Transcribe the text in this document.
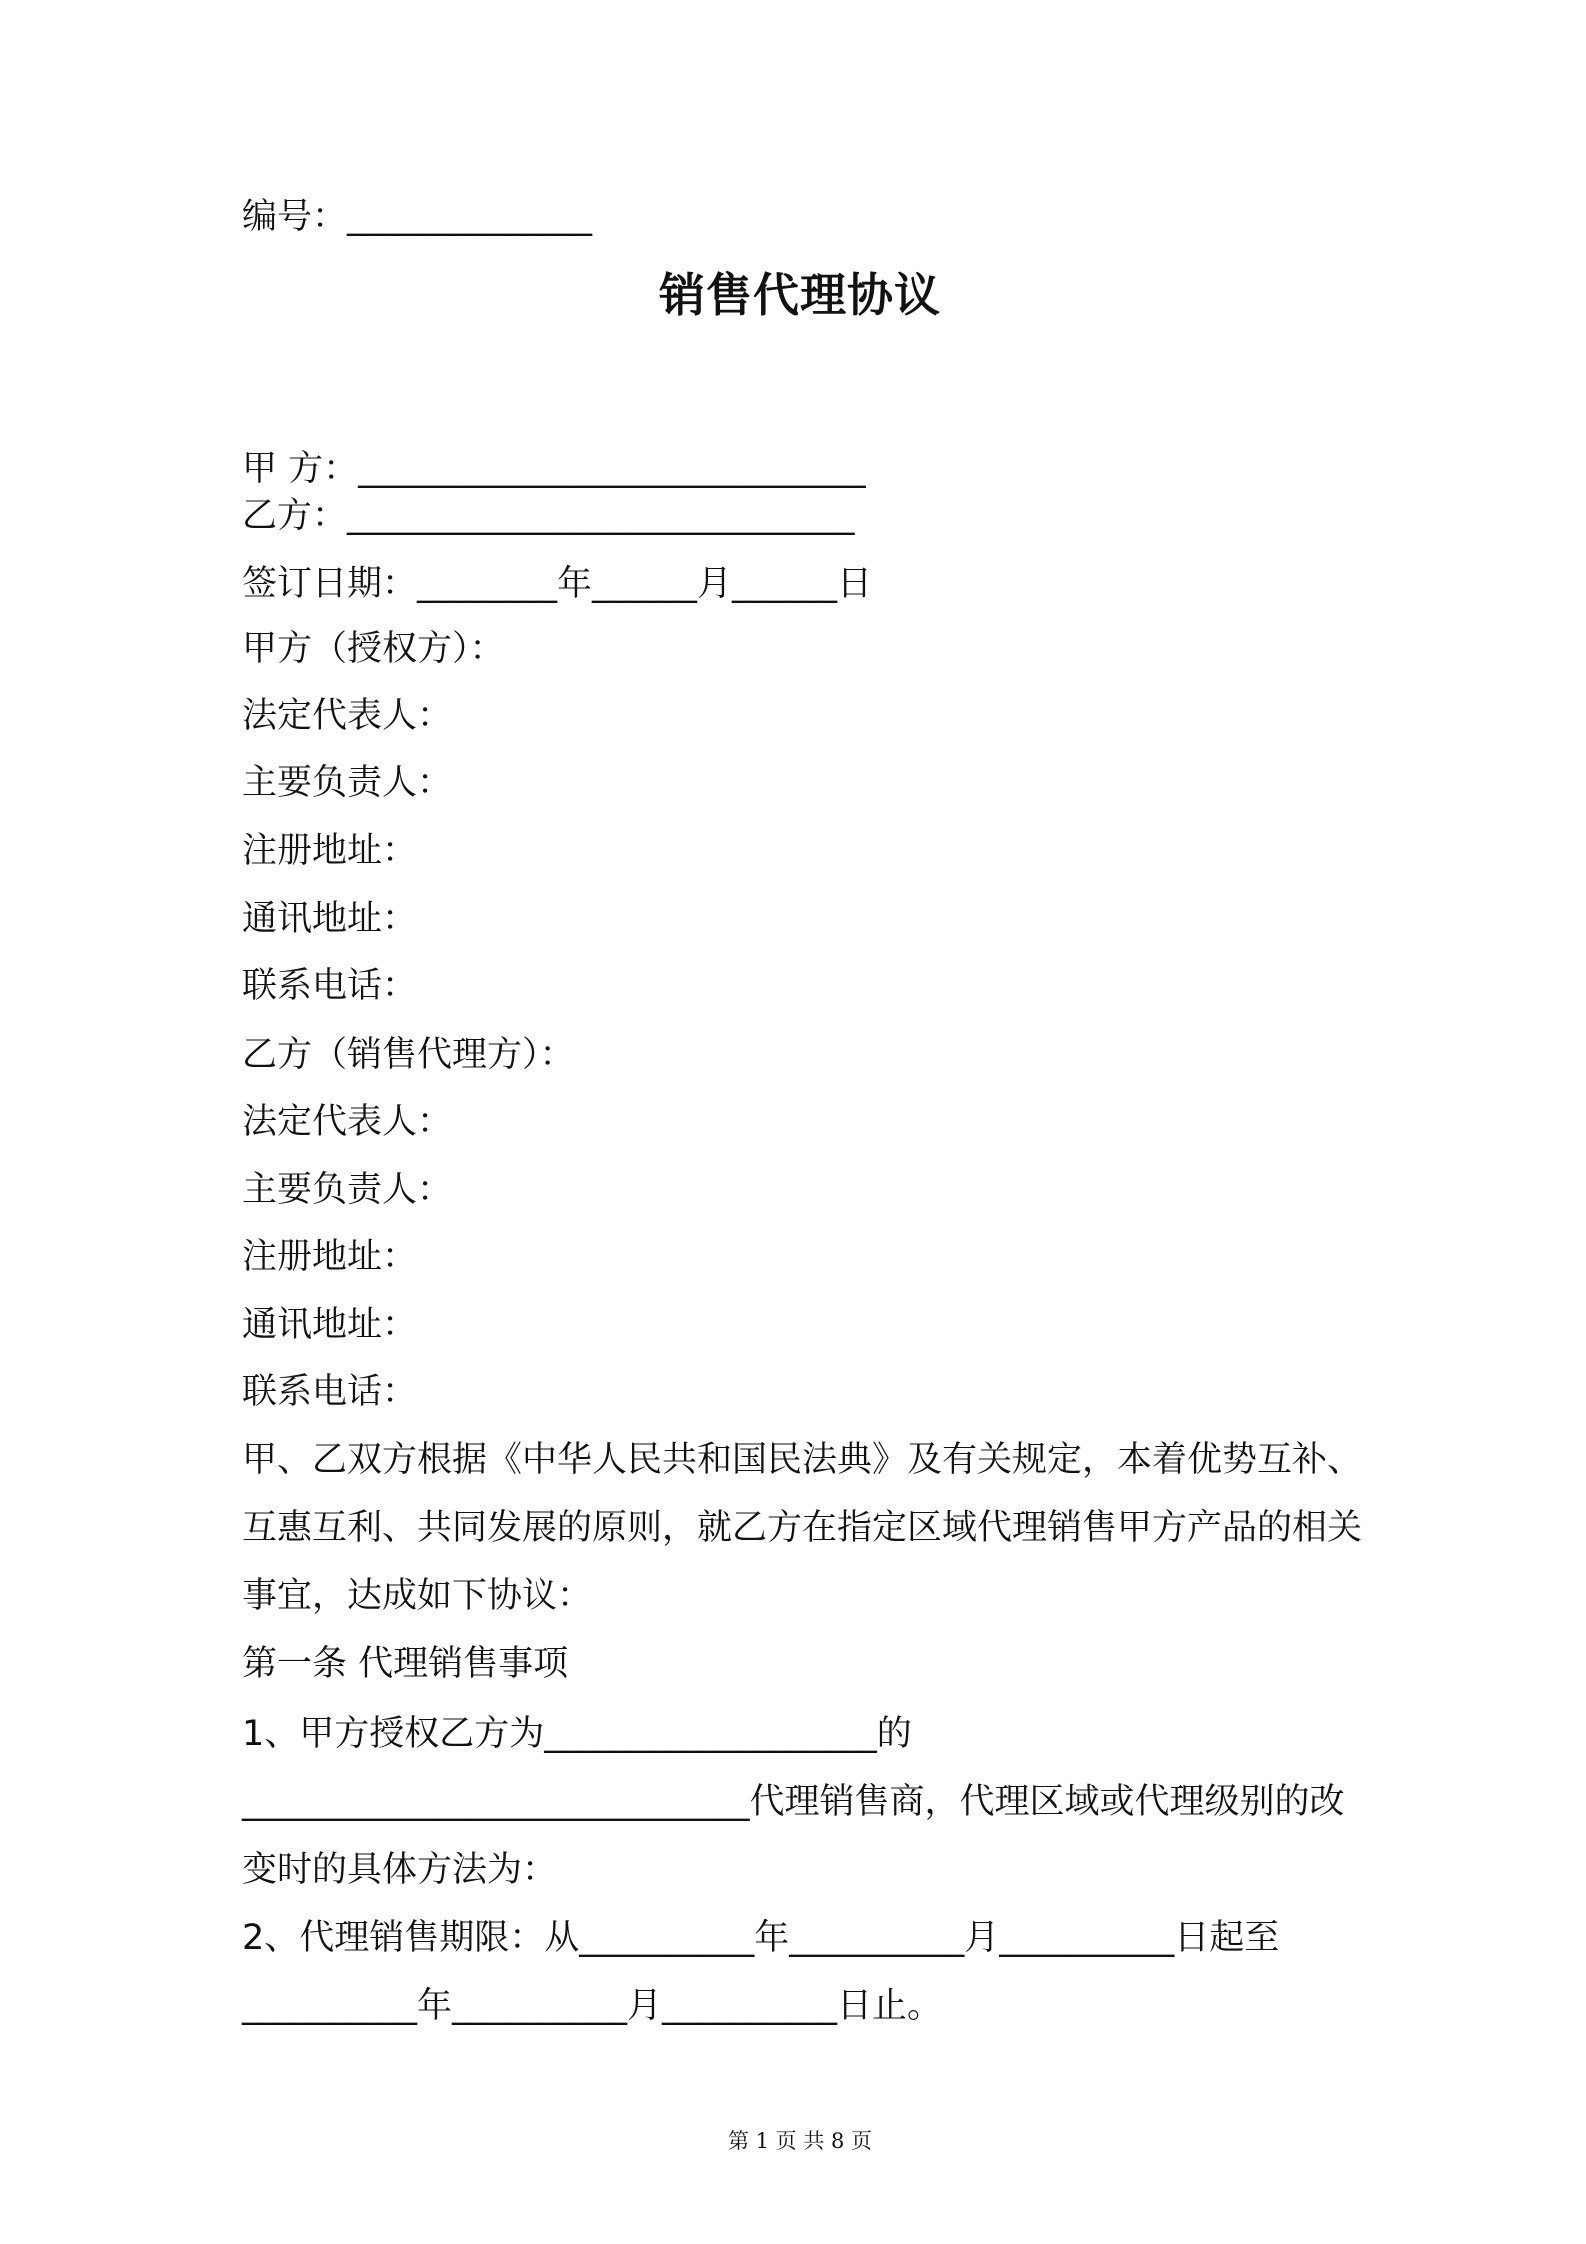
编号：______________
销售代理协议
甲 方：_____________________________
乙方：_____________________________
签订日期：________年______月______日
甲方（授权方）：
法定代表人：
主要负责人：
注册地址：
通讯地址：
联系电话：
乙方（销售代理方）：
法定代表人：
主要负责人：
注册地址：
通讯地址：
联系电话：
甲、乙双方根据《中华人民共和国民法典》及有关规定，本着优势互补、互惠互利、共同发展的原则，就乙方在指定区域代理销售甲方产品的相关事宜，达成如下协议：
第一条 代理销售事项
1、甲方授权乙方为___________________的_____________________________代理销售商，代理区域或代理级别的改变时的具体方法为：
2、代理销售期限：从__________年__________月__________日起至__________年__________月__________日止。
第 1 页 共 8 页
